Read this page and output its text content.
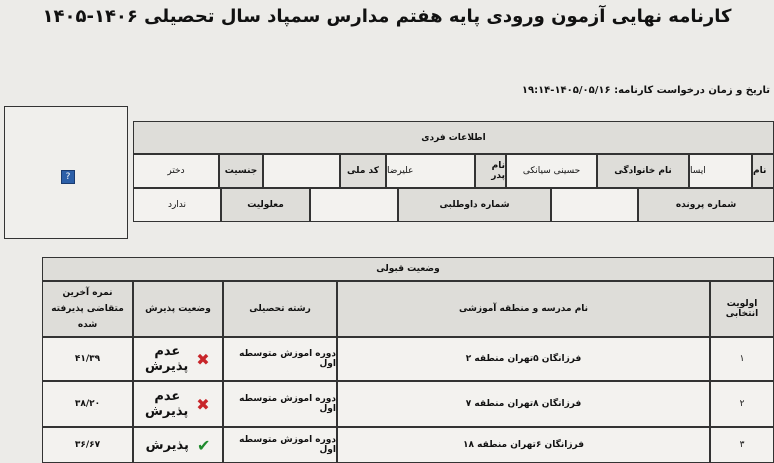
کارنامه نهایی آزمون ورودی پایه هفتم مدارس سمپاد سال تحصیلی ۱۴۰۶-۱۴۰۵
تاریخ و زمان درخواست کارنامه: ۱۴۰۵/۰۵/۱۶-۱۹:۱۴
?
اطلاعات فردی
نام
ایسا
نام خانوادگی
حسینی سیانکی
نام پدر
علیرضا
کد ملی
جنسیت
دختر
شماره پرونده
شماره داوطلبی
معلولیت
ندارد
وضعیت قبولی
اولویت انتخابی
نام مدرسه و منطقه آموزشی
رشته تحصیلی
وضعیت پذیرش
نمره آخرین متقاضی پذیرفته شده
۱
فرزانگان ۵تهران منطقه ۲
دوره اموزش متوسطه اول
✖
عدم پذیرش
۴۱/۳۹
۲
فرزانگان ۸تهران منطقه ۷
دوره اموزش متوسطه اول
✖
عدم پذیرش
۳۸/۲۰
۳
فرزانگان ۶تهران منطقه ۱۸
دوره اموزش متوسطه اول
✔
پذیرش
۳۶/۶۷
